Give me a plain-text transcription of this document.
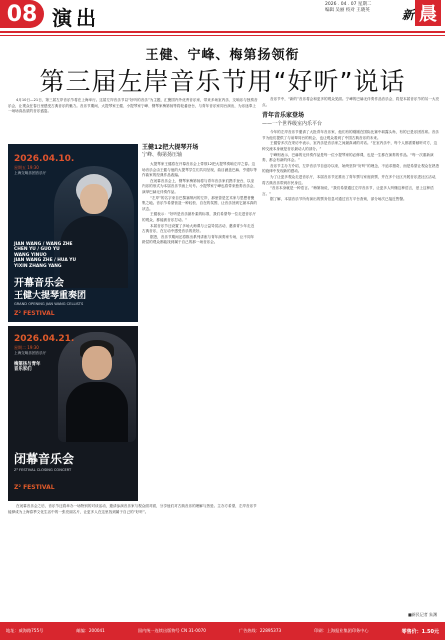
08 演出
2026 . 04 . 07 星期二
编辑 吴丽 校对 王晓英	新 晨
王健、宁峰、梅第扬领衔
第三届左岸音乐节用“好听”说话
4月10日—21日，第三届左岸音乐节将在上海举行。这届左岸音乐节以“好听的音乐”为主题，汇聚国内外优秀音乐家，带来多场室内乐、交响乐与独奏音乐会，让观众在春日里感受古典音乐的魅力。音乐节期间，大提琴家王健、小提琴家宁峰、钢琴家梅第扬等将轮番登台，与青年音乐家同台演出，为乐迷奉上一场场高品质的音乐盛宴。
2026.04.10.
星期五 19:30
上海交响乐团音乐厅
JIAN WANG / WANG ZHE
CHEN YU / GUO YU
WANG YINUO
JIAN WANG ZHE / HUA YU
YIXIN ZHANG YANG
开幕音乐会
王健大提琴重奏团
GRAND OPENING JIAN WANG CELLISTS
Z² FESTIVAL
2026.04.21.
星期二 19:30
上海交响乐团音乐厅
梅第扬与青年
音乐家们
闭幕音乐会
Z² FESTIVAL CLOSING CONCERT
Z² FESTIVAL
王健12把大提琴开场
宁峰、梅第扬压轴

大提琴家王健将在开幕音乐会上带领12把大提琴奏响左岸之春。这场音乐会由王健与他的大提琴学生们共同呈现，曲目涵盖巴赫、亨德尔等作曲家的经典作品改编。

在闭幕音乐会上，钢琴家梅第扬将与青年音乐家们携手登台，以室内乐的形式为本届音乐节画上句号。小提琴家宁峰也将带来独奏音乐会，演绎巴赫无伴奏作品。

“左岸”的名字来自巴黎塞纳河的左岸，那里曾是艺术家与思想者聚集之地。音乐节希望营造一种轻松、自在的氛围，让音乐回到它最本真的状态。

王健表示：“好听是音乐最朴素的标准，我们希望每一位走进音乐厅的观众，都能被音乐打动。”

本届音乐节还设置了多场大师课与公益导赏活动，邀请青少年走近古典音乐，在互动中感受音乐的美好。

据悉，音乐节期间还将推出系列讲座与青年演奏家专场，让不同年龄层的观众都能找到属于自己的那一场音乐会。

在闭幕音乐会之后，音乐节还将举办一场特别的对谈活动，邀请参演音乐家与观众面对面，分享他们对古典音乐的理解与热爱。主办方希望，左岸音乐节能够成为上海春季文化生活中的一张亮丽名片，让更多人在这里找到属于自己的“好听”。

音乐节中，“新的”音乐将会和更多的观众见面。宁峰的巴赫无伴奏作品音乐会，将是本届音乐节的另一大亮点。

青年音乐家登场
——一个世界级室内乐平台

今年的左岸音乐节邀请了大批青年音乐家，他们有的刚刚在国际比赛中崭露头角，有的已是乐团首席。音乐节为他们提供了与前辈同台的机会，也让观众看到了中国古典音乐的未来。

王健曾多次在采访中表示，室内乐是音乐家之间最真诚的对话。“在室内乐中，每个人都需要倾听对方，这种交流本身就是音乐最动人的部分。”

宁峰则表示，巴赫的无伴奏作品是每一位小提琴家的必修课，也是一生都在演奏的作品。“每一次重新演奏，都会有新的体会。”

音乐节主办方介绍，左岸音乐节自创办以来，始终坚持“好听”的理念，不追求猎奇，而是希望让观众在熟悉的旋律中发现新的感动。

为了让更多观众走进音乐厅，本届音乐节还推出了青年票与家庭套票，并在多个社区开展音乐进社区活动，将古典音乐带到市民身边。

“音乐本身就是一种语言。”梅第扬说，“我们希望通过左岸音乐节，让更多人听懂这种语言，爱上这种语言。”

据了解，本届音乐节所有演出的票务信息可通过官方平台查询，部分场次已接近售罄。

■新民记者 朱渊
地址：威海路755号	邮编：200041	国内统一连续出版物号 CN 31-0070	广告热线：22895373	印刷：上海报业集团印务中心	零售价：1.50元
